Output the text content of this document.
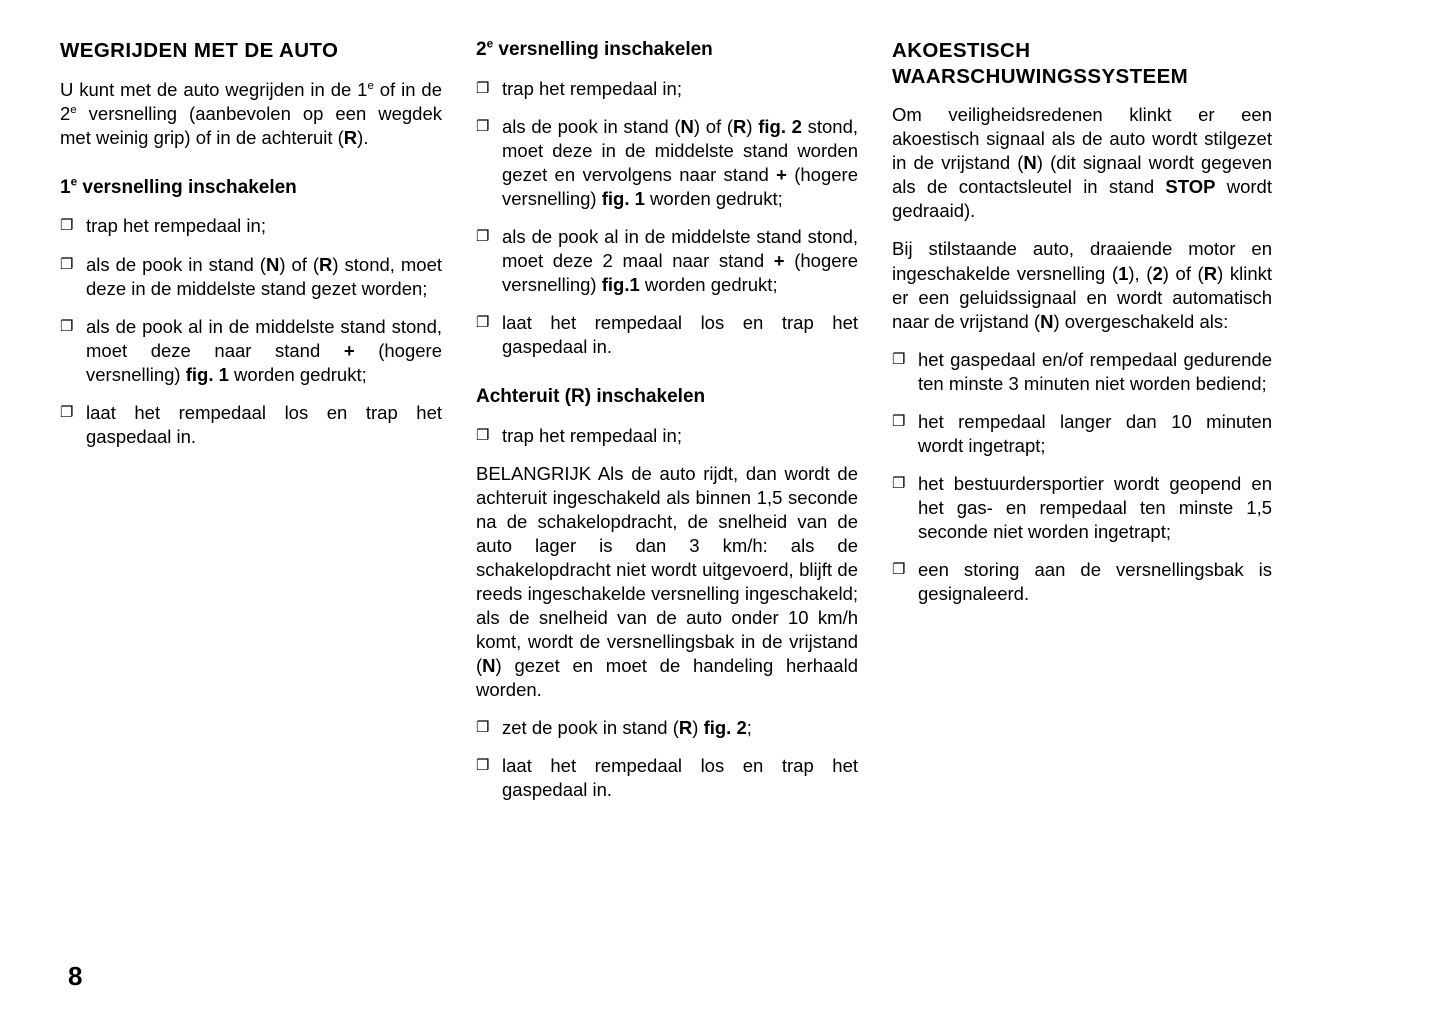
WEGRIJDEN MET DE AUTO

U kunt met de auto wegrijden in de 1e of in de 2e versnelling (aanbevolen op een wegdek met weinig grip) of in de achteruit (R).

1e versnelling inschakelen
❐ trap het rempedaal in;
❐ als de pook in stand (N) of (R) stond, moet deze in de middelste stand gezet worden;
❐ als de pook al in de middelste stand stond, moet deze naar stand + (hogere versnelling) fig. 1 worden gedrukt;
❐ laat het rempedaal los en trap het gaspedaal in.
2e versnelling inschakelen
❐ trap het rempedaal in;
❐ als de pook in stand (N) of (R) fig. 2 stond, moet deze in de middelste stand worden gezet en vervolgens naar stand + (hogere versnelling) fig. 1 worden gedrukt;
❐ als de pook al in de middelste stand stond, moet deze 2 maal naar stand + (hogere versnelling) fig.1 worden gedrukt;
❐ laat het rempedaal los en trap het gaspedaal in.
Achteruit (R) inschakelen
❐ trap het rempedaal in;

BELANGRIJK Als de auto rijdt, dan wordt de achteruit ingeschakeld als binnen 1,5 seconde na de schakelopdracht, de snelheid van de auto lager is dan 3 km/h: als de schakelopdracht niet wordt uitgevoerd, blijft de reeds ingeschakelde versnelling ingeschakeld; als de snelheid van de auto onder 10 km/h komt, wordt de versnellingsbak in de vrijstand (N) gezet en moet de handeling herhaald worden.

❐ zet de pook in stand (R) fig. 2;
❐ laat het rempedaal los en trap het gaspedaal in.
AKOESTISCH
WAARSCHUWINGSSYSTEEM

Om veiligheidsredenen klinkt er een akoestisch signaal als de auto wordt stilgezet in de vrijstand (N) (dit signaal wordt gegeven als de contactsleutel in stand STOP wordt gedraaid).

Bij stilstaande auto, draaiende motor en ingeschakelde versnelling (1), (2) of (R) klinkt er een geluidssignaal en wordt automatisch naar de vrijstand (N) overgeschakeld als:

❐ het gaspedaal en/of rempedaal gedurende ten minste 3 minuten niet worden bediend;
❐ het rempedaal langer dan 10 minuten wordt ingetrapt;
❐ het bestuurdersportier wordt geopend en het gas- en rempedaal ten minste 1,5 seconde niet worden ingetrapt;
❐ een storing aan de versnellingsbak is gesignaleerd.
8
